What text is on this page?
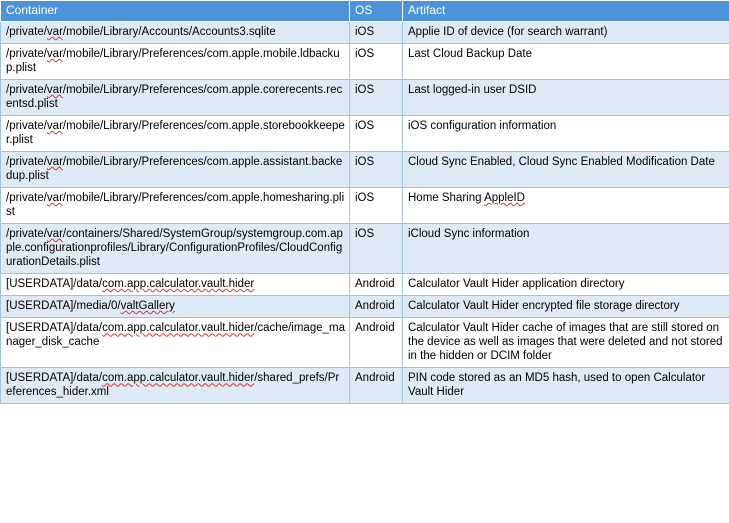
Container	OS	Artifact
/private/var/mobile/Library/Accounts/Accounts3.sqlite	iOS	Applie ID of device (for search warrant)
/private/var/mobile/Library/Preferences/com.apple.mobile.ldbackup.plist	iOS	Last Cloud Backup Date
/private/var/mobile/Library/Preferences/com.apple.corerecents.recentsd.plist	iOS	Last logged-in user DSID
/private/var/mobile/Library/Preferences/com.apple.storebookkeeper.plist	iOS	iOS configuration information
/private/var/mobile/Library/Preferences/com.apple.assistant.backedup.plist	iOS	Cloud Sync Enabled, Cloud Sync Enabled Modification Date
/private/var/mobile/Library/Preferences/com.apple.homesharing.plist	iOS	Home Sharing AppleID
/private/var/containers/Shared/SystemGroup/systemgroup.com.apple.configurationprofiles/Library/ConfigurationProfiles/CloudConfigurationDetails.plist	iOS	iCloud Sync information
[USERDATA]/data/com.app.calculator.vault.hider	Android	Calculator Vault Hider application directory
[USERDATA]/media/0/valtGallery	Android	Calculator Vault Hider encrypted file storage directory
[USERDATA]/data/com.app.calculator.vault.hider/cache/image_manager_disk_cache	Android	Calculator Vault Hider cache of images that are still stored on the device as well as images that were deleted and not stored in the hidden or DCIM folder
[USERDATA]/data/com.app.calculator.vault.hider/shared_prefs/Preferences_hider.xml	Android	PIN code stored as an MD5 hash, used to open Calculator Vault Hider
